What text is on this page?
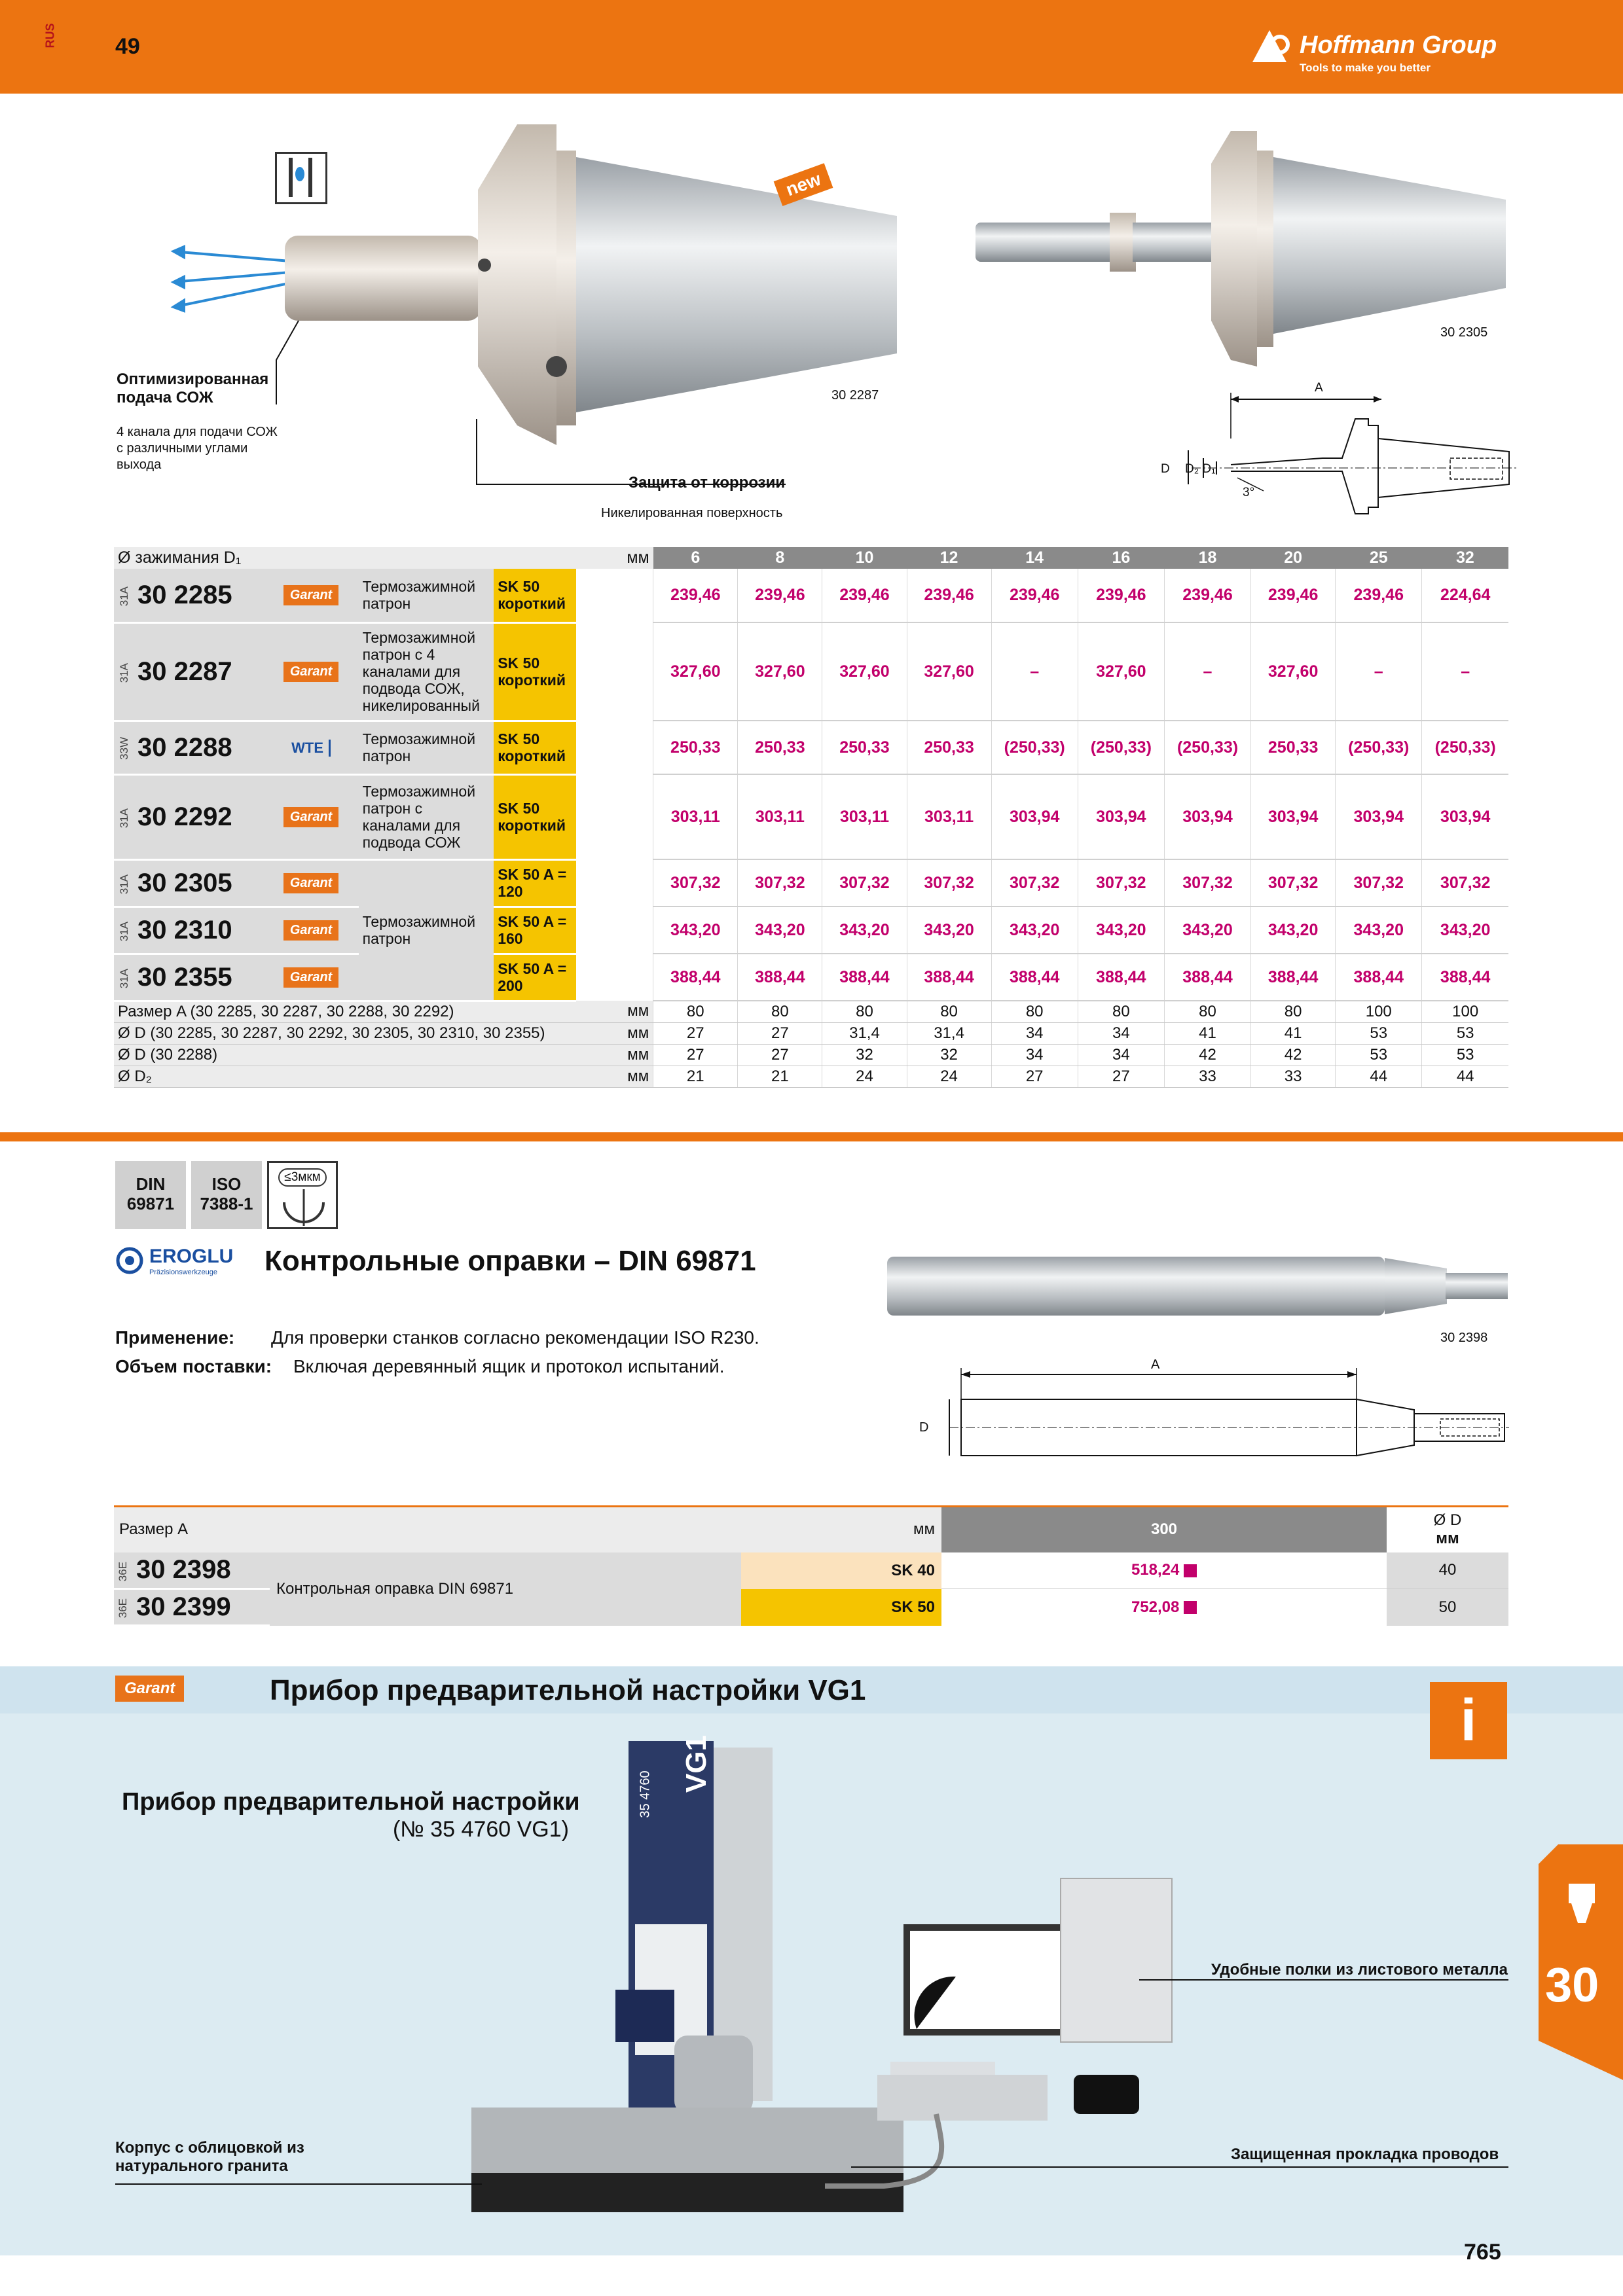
RUS	49	Hoffmann Group
Tools to make you better
new
30 2287
Оптимизированная подача СОЖ
4 канала для подачи СОЖ с различными углами выхода
Защита от коррозии
Никелированная поверхность
30 2305
A
D D₂ D₁
3°
Ø зажимания D₁			мм		6	8	10	12	14	16	18	20	25	32
31A 30 2285	Garant	Термозажимной патрон	SK 50 короткий		239,46	239,46	239,46	239,46	239,46	239,46	239,46	239,46	239,46	224,64
31A 30 2287	Garant	Термозажимной патрон с 4 каналами для подвода СОЖ, никелированный	SK 50 короткий		327,60	327,60	327,60	327,60	–	327,60	–	327,60	–	–
33W 30 2288	WTE	Термозажимной патрон	SK 50 короткий		250,33	250,33	250,33	250,33	(250,33)	(250,33)	(250,33)	250,33	(250,33)	(250,33)
31A 30 2292	Garant	Термозажимной патрон с каналами для подвода СОЖ	SK 50 короткий		303,11	303,11	303,11	303,11	303,94	303,94	303,94	303,94	303,94	303,94
31A 30 2305	Garant	Термозажимной патрон	SK 50 A = 120		307,32	307,32	307,32	307,32	307,32	307,32	307,32	307,32	307,32	307,32
31A 30 2310	Garant		SK 50 A = 160		343,20	343,20	343,20	343,20	343,20	343,20	343,20	343,20	343,20	343,20
31A 30 2355	Garant		SK 50 A = 200		388,44	388,44	388,44	388,44	388,44	388,44	388,44	388,44	388,44	388,44
Размер A (30 2285, 30 2287, 30 2288, 30 2292)				мм	80	80	80	80	80	80	80	80	100	100
Ø D (30 2285, 30 2287, 30 2292, 30 2305, 30 2310, 30 2355)				мм	27	27	31,4	31,4	34	34	41	41	53	53
Ø D (30 2288)				мм	27	27	32	32	34	34	42	42	53	53
Ø D₂				мм	21	21	24	24	27	27	33	33	44	44
DIN 69871
ISO 7388-1
≤3мкм
EROGLU
Präzisionswerkzeuge Контрольные оправки – DIN 69871
Применение: Для проверки станков согласно рекомендации ISO R230.
Объем поставки: Включая деревянный ящик и протокол испытаний.
30 2398
A
D
Размер A		мм	300	Ø D
мм

36E 30 2398	Контрольная оправка DIN 69871	SK 40	518,24	40
36E 30 2399		SK 50	752,08	50
Garant	Прибор предварительной настройки VG1	i
Прибор предварительной настройки
(№ 35 4760 VG1)
VG1
35 4760
Удобные полки из листового металла
Корпус с облицовкой из натурального гранита
Защищенная прокладка проводов
30
765
